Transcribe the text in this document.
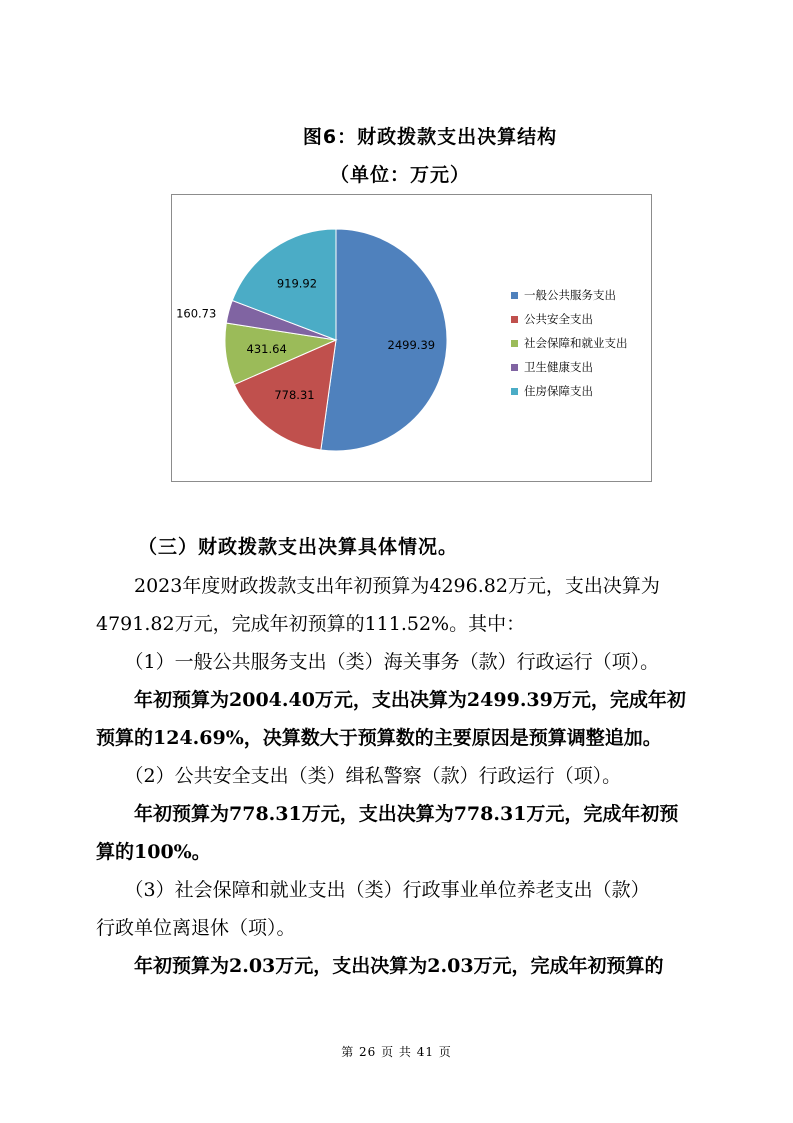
图6：财政拨款支出决算结构
（单位：万元）
2499.39
778.31
431.64
160.73
919.92
一般公共服务支出
公共安全支出
社会保障和就业支出
卫生健康支出
住房保障支出
（三）财政拨款支出决算具体情况。
　　2023年度财政拨款支出年初预算为4296.82万元，支出决算为
4791.82万元，完成年初预算的111.52%。其中：
　　（1）一般公共服务支出（类）海关事务（款）行政运行（项）。
　　年初预算为2004.40万元，支出决算为2499.39万元，完成年初
预算的124.69%，决算数大于预算数的主要原因是预算调整追加。
　　（2）公共安全支出（类）缉私警察（款）行政运行（项）。
　　年初预算为778.31万元，支出决算为778.31万元，完成年初预
算的100%。
　　（3）社会保障和就业支出（类）行政事业单位养老支出（款）
行政单位离退休（项）。
　　年初预算为2.03万元，支出决算为2.03万元，完成年初预算的
第 26 页 共 41 页
